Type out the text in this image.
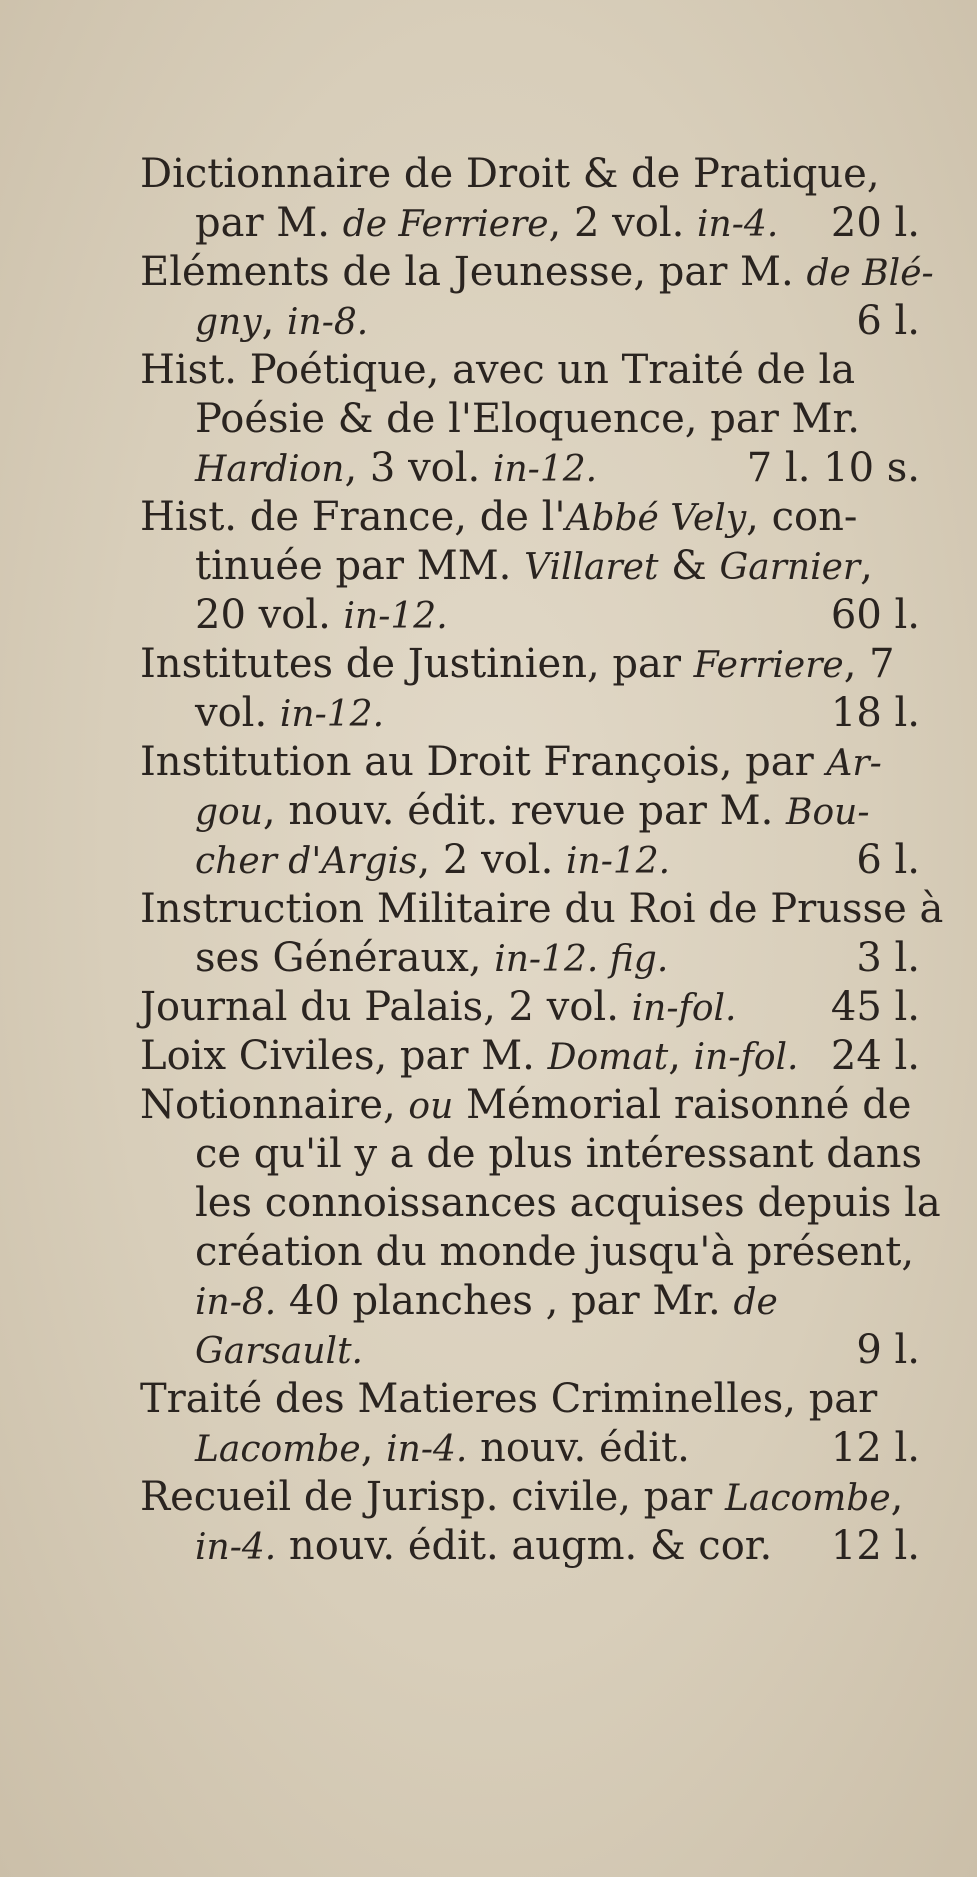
Dictionnaire de Droit & de Pratique,
par M. de Ferriere, 2 vol. in-4. 20 l.
Eléments de la Jeunesse, par M. de Blé-
gny, in-8.	6 l.
Hist. Poétique, avec un Traité de la
Poésie & de l'Eloquence, par Mr.
Hardion, 3 vol. in-12.	7 l. 10 s.
Hist. de France, de l'Abbé Vely, con-
tinuée par MM. Villaret & Garnier,
20 vol. in-12.	60 l.
Institutes de Justinien, par Ferriere, 7
vol. in-12.	18 l.
Institution au Droit François, par Ar-
gou, nouv. édit. revue par M. Bou-
cher d'Argis, 2 vol. in-12.	6 l.
Instruction Militaire du Roi de Prusse à
ses Généraux, in-12. fig.	3 l.
Journal du Palais, 2 vol. in-fol. 45 l.
Loix Civiles, par M. Domat, in-fol. 24 l.
Notionnaire, ou Mémorial raisonné de
ce qu'il y a de plus intéressant dans
les connoissances acquises depuis la
création du monde jusqu'à présent,
in-8. 40 planches , par Mr. de
Garsault.	9 l.
Traité des Matieres Criminelles, par
Lacombe, in-4. nouv. édit.	12 l.
Recueil de Jurisp. civile, par Lacombe,
in-4. nouv. édit. augm. & cor. 12 l.
